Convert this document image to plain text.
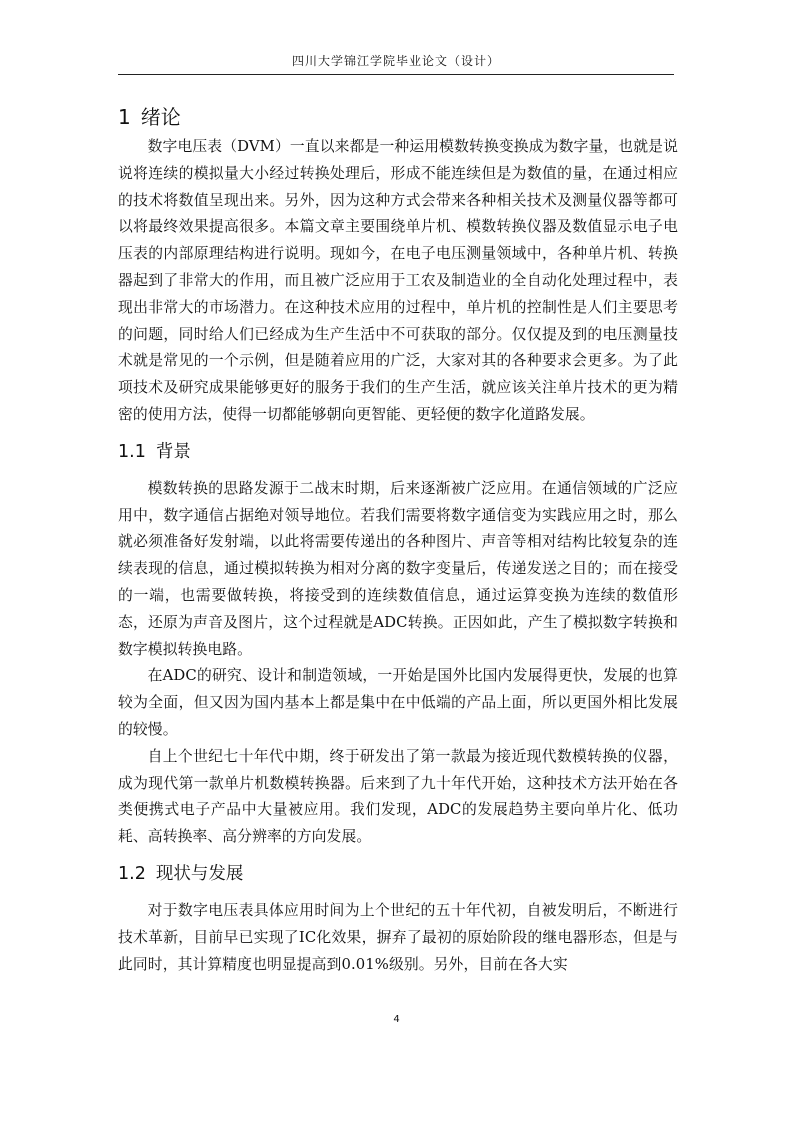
四川大学锦江学院毕业论文（设计）
1 绪论

数字电压表（DVM）一直以来都是一种运用模数转换变换成为数字量，也就是说说将连续的模拟量大小经过转换处理后，形成不能连续但是为数值的量，在通过相应的技术将数值呈现出来。另外，因为这种方式会带来各种相关技术及测量仪器等都可以将最终效果提高很多。本篇文章主要围绕单片机、模数转换仪器及数值显示电子电压表的内部原理结构进行说明。现如今，在电子电压测量领域中，各种单片机、转换器起到了非常大的作用，而且被广泛应用于工农及制造业的全自动化处理过程中，表现出非常大的市场潜力。在这种技术应用的过程中，单片机的控制性是人们主要思考的问题，同时给人们已经成为生产生活中不可获取的部分。仅仅提及到的电压测量技术就是常见的一个示例，但是随着应用的广泛，大家对其的各种要求会更多。为了此项技术及研究成果能够更好的服务于我们的生产生活，就应该关注单片技术的更为精密的使用方法，使得一切都能够朝向更智能、更轻便的数字化道路发展。

1.1 背景

模数转换的思路发源于二战末时期，后来逐渐被广泛应用。在通信领域的广泛应用中，数字通信占据绝对领导地位。若我们需要将数字通信变为实践应用之时，那么就必须准备好发射端，以此将需要传递出的各种图片、声音等相对结构比较复杂的连续表现的信息，通过模拟转换为相对分离的数字变量后，传递发送之目的；而在接受的一端，也需要做转换，将接受到的连续数值信息，通过运算变换为连续的数值形态，还原为声音及图片，这个过程就是ADC转换。正因如此，产生了模拟数字转换和数字模拟转换电路。

在ADC的研究、设计和制造领域，一开始是国外比国内发展得更快，发展的也算较为全面，但又因为国内基本上都是集中在中低端的产品上面，所以更国外相比发展的较慢。

自上个世纪七十年代中期，终于研发出了第一款最为接近现代数模转换的仪器，成为现代第一款单片机数模转换器。后来到了九十年代开始，这种技术方法开始在各类便携式电子产品中大量被应用。我们发现，ADC的发展趋势主要向单片化、低功耗、高转换率、高分辨率的方向发展。

1.2 现状与发展

对于数字电压表具体应用时间为上个世纪的五十年代初，自被发明后，不断进行技术革新，目前早已实现了IC化效果，摒弃了最初的原始阶段的继电器形态，但是与此同时，其计算精度也明显提高到0.01%级别。另外，目前在各大实

4
